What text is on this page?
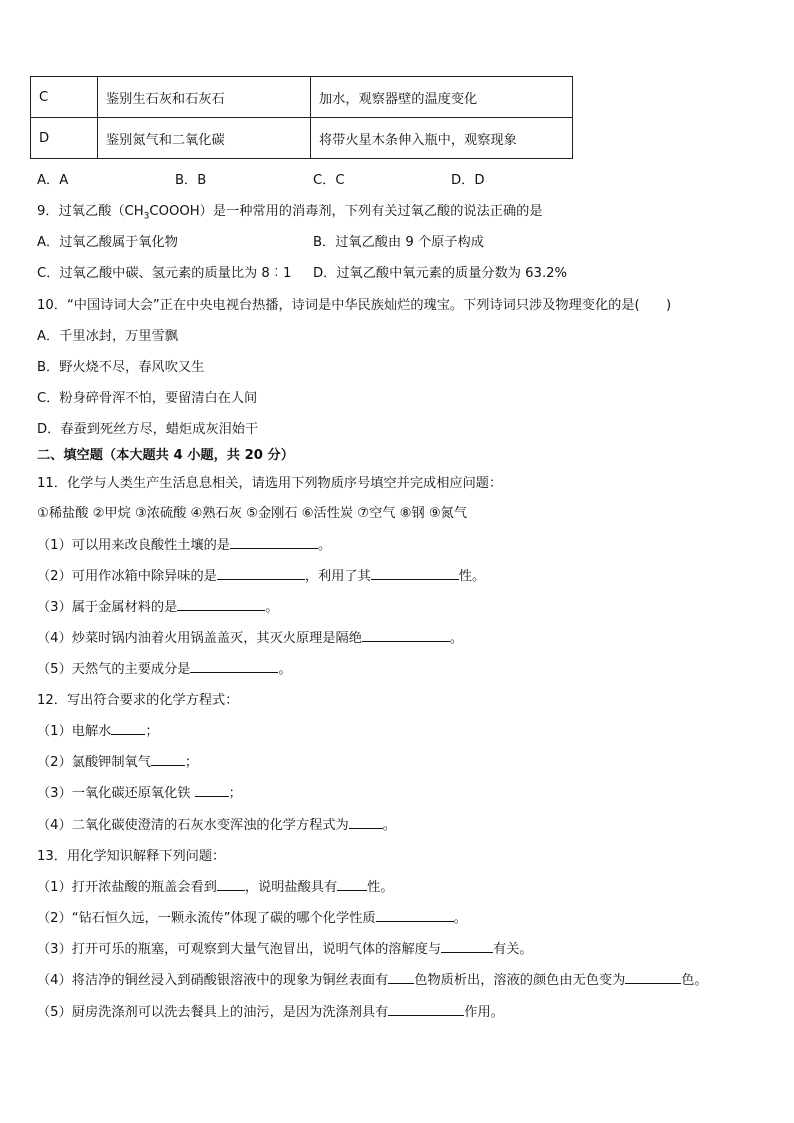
C	鉴别生石灰和石灰石	加水，观察器壁的温度变化
D	鉴别氮气和二氧化碳	将带火星木条伸入瓶中，观察现象
A．A	B．B	C．C	D．D
9．过氧乙酸$(CH_3COOOH)$是一种常用的消毒剂，下列有关过氧乙酸的说法正确的是
A．过氧乙酸属于氧化物	B．过氧乙酸由 9 个原子构成
C．过氧乙酸中碳、氢元素的质量比为 8︰1 D．过氧乙酸中氧元素的质量分数为 63.2%
10．“中国诗词大会”正在中央电视台热播，诗词是中华民族灿烂的瑰宝。下列诗词只涉及物理变化的是(　　)
A．千里冰封，万里雪飘
B．野火烧不尽，春风吹又生
C．粉身碎骨浑不怕，要留清白在人间
D．春蚕到死丝方尽，蜡炬成灰泪始干
二、填空题（本大题共 4 小题，共 20 分）
11．化学与人类生产生活息息相关，请选用下列物质序号填空并完成相应问题：
①稀盐酸 ②甲烷 ③浓硫酸 ④熟石灰 ⑤金刚石 ⑥活性炭 ⑦空气 ⑧钢 ⑨氮气
（1）可以用来改良酸性土壤的是	。
（2）可用作冰箱中除异味的是	，利用了其	性。
（3）属于金属材料的是	。
（4）炒菜时锅内油着火用锅盖盖灭，其灭火原理是隔绝	。
（5）天然气的主要成分是	。
12．写出符合要求的化学方程式：
（1）电解水	；
（2）氯酸钾制氧气	；
（3）一氧化碳还原氧化铁	；
（4）二氧化碳使澄清的石灰水变浑浊的化学方程式为	。
13．用化学知识解释下列问题：
（1）打开浓盐酸的瓶盖会看到 ，说明盐酸具有 性。
（2）“钻石恒久远，一颗永流传”体现了碳的哪个化学性质	。
（3）打开可乐的瓶塞，可观察到大量气泡冒出，说明气体的溶解度与	有关。
（4）将洁净的铜丝浸入到硝酸银溶液中的现象为铜丝表面有 色物质析出，溶液的颜色由无色变为	色。
（5）厨房洗涤剂可以洗去餐具上的油污，是因为洗涤剂具有	作用。
